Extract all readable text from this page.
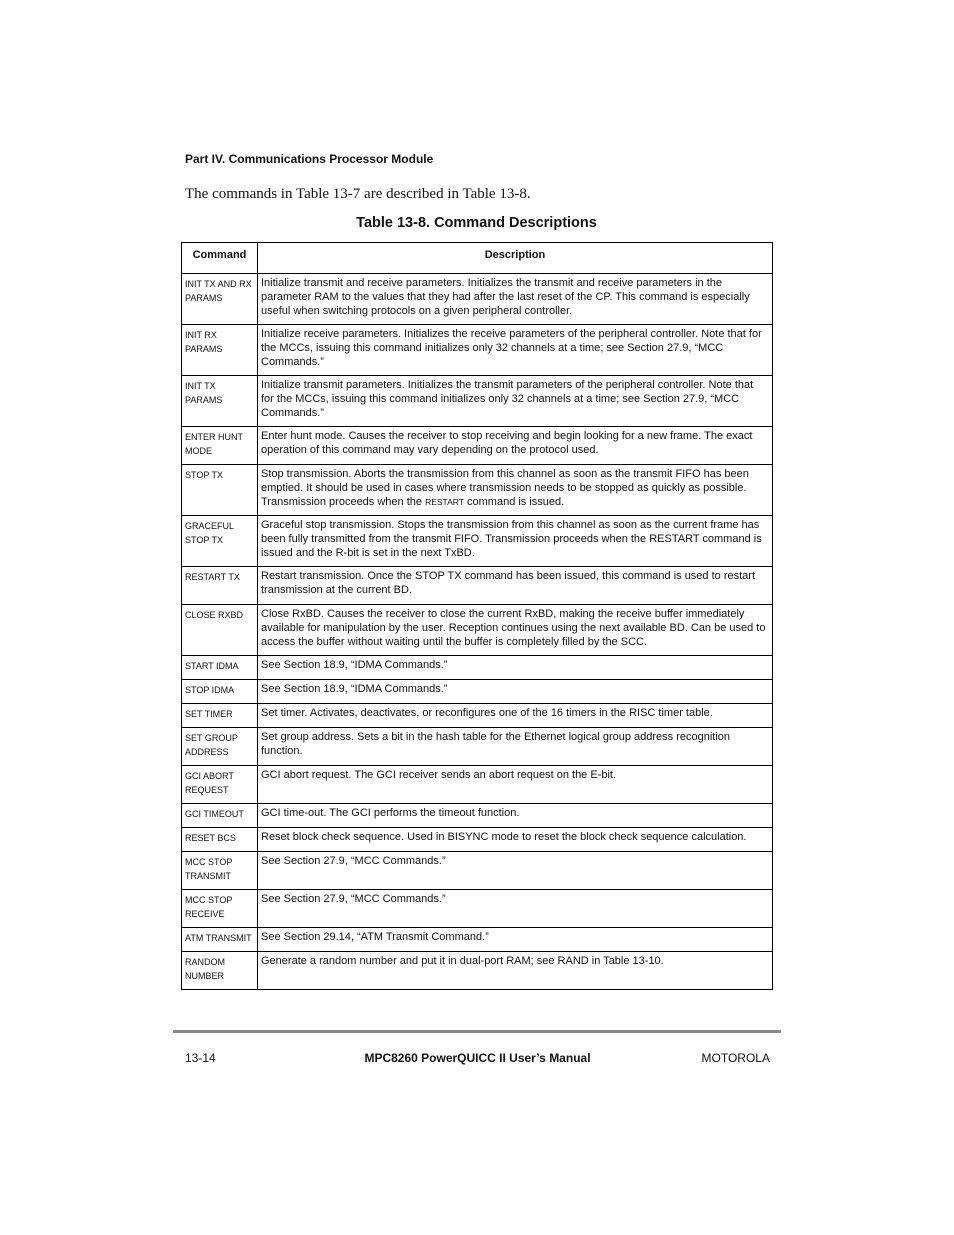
Part IV. Communications Processor Module
The commands in Table 13-7 are described in Table 13-8.
Table 13-8. Command Descriptions
Command	Description
INIT TX AND RX PARAMS	Initialize transmit and receive parameters. Initializes the transmit and receive parameters in the parameter RAM to the values that they had after the last reset of the CP. This command is especially useful when switching protocols on a given peripheral controller.
INIT RX PARAMS	Initialize receive parameters. Initializes the receive parameters of the peripheral controller. Note that for the MCCs, issuing this command initializes only 32 channels at a time; see Section 27.9, “MCC Commands.”
INIT TX PARAMS	Initialize transmit parameters. Initializes the transmit parameters of the peripheral controller. Note that for the MCCs, issuing this command initializes only 32 channels at a time; see Section 27.9, “MCC Commands.”
ENTER HUNT MODE	Enter hunt mode. Causes the receiver to stop receiving and begin looking for a new frame. The exact operation of this command may vary depending on the protocol used.
STOP TX	Stop transmission. Aborts the transmission from this channel as soon as the transmit FIFO has been emptied. It should be used in cases where transmission needs to be stopped as quickly as possible. Transmission proceeds when the RESTART command is issued.
GRACEFUL STOP TX	Graceful stop transmission. Stops the transmission from this channel as soon as the current frame has been fully transmitted from the transmit FIFO. Transmission proceeds when the RESTART command is issued and the R-bit is set in the next TxBD.
RESTART TX	Restart transmission. Once the STOP TX command has been issued, this command is used to restart transmission at the current BD.
CLOSE RXBD	Close RxBD. Causes the receiver to close the current RxBD, making the receive buffer immediately available for manipulation by the user. Reception continues using the next available BD. Can be used to access the buffer without waiting until the buffer is completely filled by the SCC.
START IDMA	See Section 18.9, “IDMA Commands.”
STOP IDMA	See Section 18.9, “IDMA Commands.”
SET TIMER	Set timer. Activates, deactivates, or reconfigures one of the 16 timers in the RISC timer table.
SET GROUP ADDRESS	Set group address. Sets a bit in the hash table for the Ethernet logical group address recognition function.
GCI ABORT REQUEST	GCI abort request. The GCI receiver sends an abort request on the E-bit.
GCI TIMEOUT	GCI time-out. The GCI performs the timeout function.
RESET BCS	Reset block check sequence. Used in BISYNC mode to reset the block check sequence calculation.
MCC STOP TRANSMIT	See Section 27.9, “MCC Commands.”
MCC STOP RECEIVE	See Section 27.9, “MCC Commands.”
ATM TRANSMIT	See Section 29.14, “ATM Transmit Command.”
RANDOM NUMBER	Generate a random number and put it in dual-port RAM; see RAND in Table 13-10.
13-14	MPC8260 PowerQUICC II User’s Manual	MOTOROLA
